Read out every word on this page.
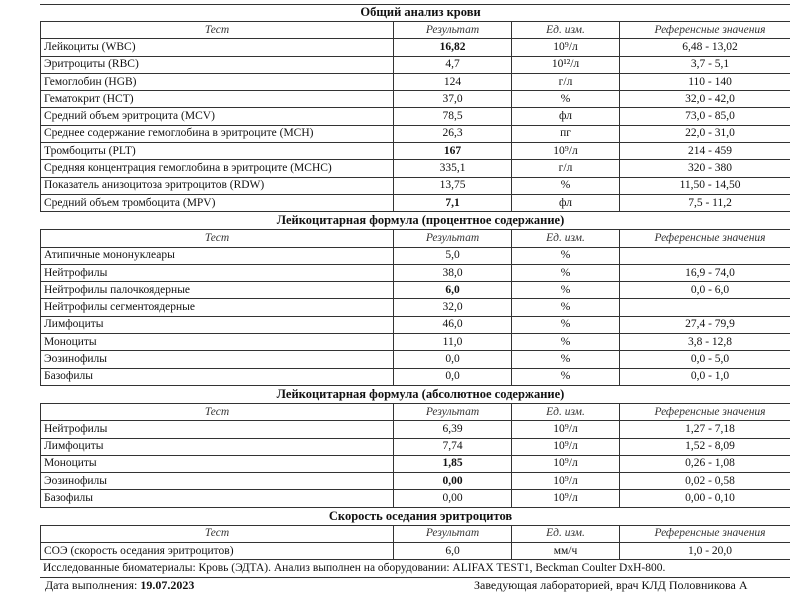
Общий анализ крови			
Тест	Результат	Ед. изм.	Референсные значения
Лейкоциты (WBC)	16,82	10⁹/л	6,48 - 13,02
Эритроциты (RBC)	4,7	10¹²/л	3,7 - 5,1
Гемоглобин (HGB)	124	г/л	110 - 140
Гематокрит (HCT)	37,0	%	32,0 - 42,0
Средний объем эритроцита (MCV)	78,5	фл	73,0 - 85,0
Среднее содержание гемоглобина в эритроците (MCH)	26,3	пг	22,0 - 31,0
Тромбоциты (PLT)	167	10⁹/л	214 - 459
Средняя концентрация гемоглобина в эритроците (MCHC)	335,1	г/л	320 - 380
Показатель анизоцитоза эритроцитов (RDW)	13,75	%	11,50 - 14,50
Средний объем тромбоцита (MPV)	7,1	фл	7,5 - 11,2
Лейкоцитарная формула (процентное содержание)			
Тест	Результат	Ед. изм.	Референсные значения
Атипичные мононуклеары	5,0	%	
Нейтрофилы	38,0	%	16,9 - 74,0
Нейтрофилы палочкоядерные	6,0	%	0,0 - 6,0
Нейтрофилы сегментоядерные	32,0	%	
Лимфоциты	46,0	%	27,4 - 79,9
Моноциты	11,0	%	3,8 - 12,8
Эозинофилы	0,0	%	0,0 - 5,0
Базофилы	0,0	%	0,0 - 1,0
Лейкоцитарная формула (абсолютное содержание)			
Тест	Результат	Ед. изм.	Референсные значения
Нейтрофилы	6,39	10⁹/л	1,27 - 7,18
Лимфоциты	7,74	10⁹/л	1,52 - 8,09
Моноциты	1,85	10⁹/л	0,26 - 1,08
Эозинофилы	0,00	10⁹/л	0,02 - 0,58
Базофилы	0,00	10⁹/л	0,00 - 0,10
Скорость оседания эритроцитов			
Тест	Результат	Ед. изм.	Референсные значения
СОЭ (скорость оседания эритроцитов)	6,0	мм/ч	1,0 - 20,0
Исследованные биоматериалы: Кровь (ЭДТА). Анализ выполнен на оборудовании: ALIFAX TEST1, Beckman Coulter DxH-800.
Дата выполнения: 19.07.2023	Заведующая лабораторией, врач КЛД Половникова А
